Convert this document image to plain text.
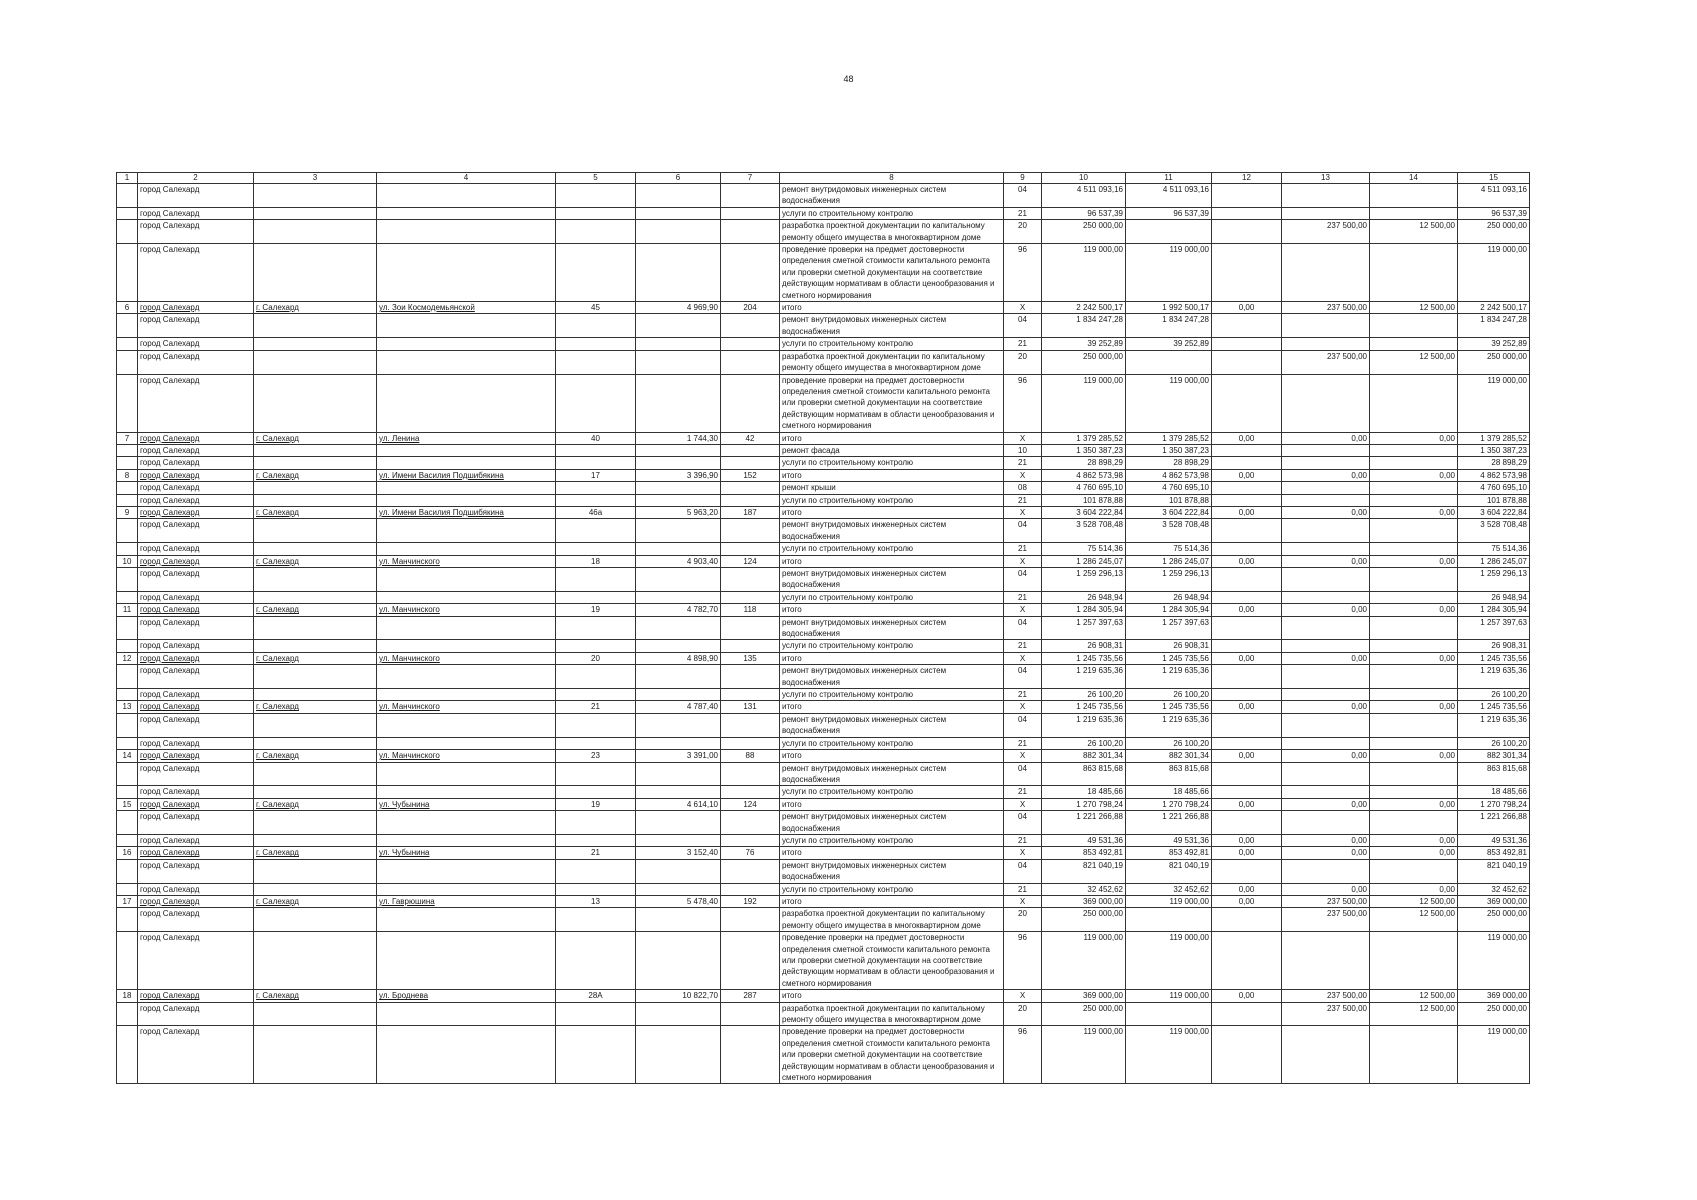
48
1	2	3	4	5	6	7	8	9	10	11	12	13	14	15
	город Салехард						ремонт внутридомовых инженерных систем водоснабжения	04	4 511 093,16	4 511 093,16				4 511 093,16
	город Салехард						услуги по строительному контролю	21	96 537,39	96 537,39				96 537,39
	город Салехард						разработка проектной документации по капитальному ремонту общего имущества в многоквартирном доме	20	250 000,00			237 500,00	12 500,00	250 000,00
	город Салехард						проведение проверки на предмет достоверности определения сметной стоимости капитального ремонта или проверки сметной документации на соответствие действующим нормативам в области ценообразования и сметного нормирования	96	119 000,00	119 000,00				119 000,00
6	город Салехард	г. Салехард	ул. Зои Космодемьянской	45	4 969,90	204	итого	X	2 242 500,17	1 992 500,17	0,00	237 500,00	12 500,00	2 242 500,17
	город Салехард						ремонт внутридомовых инженерных систем водоснабжения	04	1 834 247,28	1 834 247,28				1 834 247,28
	город Салехард						услуги по строительному контролю	21	39 252,89	39 252,89				39 252,89
	город Салехард						разработка проектной документации по капитальному ремонту общего имущества в многоквартирном доме	20	250 000,00			237 500,00	12 500,00	250 000,00
	город Салехард						проведение проверки на предмет достоверности определения сметной стоимости капитального ремонта или проверки сметной документации на соответствие действующим нормативам в области ценообразования и сметного нормирования	96	119 000,00	119 000,00				119 000,00
7	город Салехард	г. Салехард	ул. Ленина	40	1 744,30	42	итого	X	1 379 285,52	1 379 285,52	0,00	0,00	0,00	1 379 285,52
	город Салехард						ремонт фасада	10	1 350 387,23	1 350 387,23				1 350 387,23
	город Салехард						услуги по строительному контролю	21	28 898,29	28 898,29				28 898,29
8	город Салехард	г. Салехард	ул. Имени Василия Подшибякина	17	3 396,90	152	итого	X	4 862 573,98	4 862 573,98	0,00	0,00	0,00	4 862 573,98
	город Салехард						ремонт крыши	08	4 760 695,10	4 760 695,10				4 760 695,10
	город Салехард						услуги по строительному контролю	21	101 878,88	101 878,88				101 878,88
9	город Салехард	г. Салехард	ул. Имени Василия Подшибякина	46а	5 963,20	187	итого	X	3 604 222,84	3 604 222,84	0,00	0,00	0,00	3 604 222,84
	город Салехард						ремонт внутридомовых инженерных систем водоснабжения	04	3 528 708,48	3 528 708,48				3 528 708,48
	город Салехард						услуги по строительному контролю	21	75 514,36	75 514,36				75 514,36
10	город Салехард	г. Салехард	ул. Манчинского	18	4 903,40	124	итого	X	1 286 245,07	1 286 245,07	0,00	0,00	0,00	1 286 245,07
	город Салехард						ремонт внутридомовых инженерных систем водоснабжения	04	1 259 296,13	1 259 296,13				1 259 296,13
	город Салехард						услуги по строительному контролю	21	26 948,94	26 948,94				26 948,94
11	город Салехард	г. Салехард	ул. Манчинского	19	4 782,70	118	итого	X	1 284 305,94	1 284 305,94	0,00	0,00	0,00	1 284 305,94
	город Салехард						ремонт внутридомовых инженерных систем водоснабжения	04	1 257 397,63	1 257 397,63				1 257 397,63
	город Салехард						услуги по строительному контролю	21	26 908,31	26 908,31				26 908,31
12	город Салехард	г. Салехард	ул. Манчинского	20	4 898,90	135	итого	X	1 245 735,56	1 245 735,56	0,00	0,00	0,00	1 245 735,56
	город Салехард						ремонт внутридомовых инженерных систем водоснабжения	04	1 219 635,36	1 219 635,36				1 219 635,36
	город Салехард						услуги по строительному контролю	21	26 100,20	26 100,20				26 100,20
13	город Салехард	г. Салехард	ул. Манчинского	21	4 787,40	131	итого	X	1 245 735,56	1 245 735,56	0,00	0,00	0,00	1 245 735,56
	город Салехард						ремонт внутридомовых инженерных систем водоснабжения	04	1 219 635,36	1 219 635,36				1 219 635,36
	город Салехард						услуги по строительному контролю	21	26 100,20	26 100,20				26 100,20
14	город Салехард	г. Салехард	ул. Манчинского	23	3 391,00	88	итого	X	882 301,34	882 301,34	0,00	0,00	0,00	882 301,34
	город Салехард						ремонт внутридомовых инженерных систем водоснабжения	04	863 815,68	863 815,68				863 815,68
	город Салехард						услуги по строительному контролю	21	18 485,66	18 485,66				18 485,66
15	город Салехард	г. Салехард	ул. Чубынина	19	4 614,10	124	итого	X	1 270 798,24	1 270 798,24	0,00	0,00	0,00	1 270 798,24
	город Салехард						ремонт внутридомовых инженерных систем водоснабжения	04	1 221 266,88	1 221 266,88				1 221 266,88
	город Салехард						услуги по строительному контролю	21	49 531,36	49 531,36	0,00	0,00	0,00	49 531,36
16	город Салехард	г. Салехард	ул. Чубынина	21	3 152,40	76	итого	X	853 492,81	853 492,81	0,00	0,00	0,00	853 492,81
	город Салехард						ремонт внутридомовых инженерных систем водоснабжения	04	821 040,19	821 040,19				821 040,19
	город Салехард						услуги по строительному контролю	21	32 452,62	32 452,62	0,00	0,00	0,00	32 452,62
17	город Салехард	г. Салехард	ул. Гаврюшина	13	5 478,40	192	итого	X	369 000,00	119 000,00	0,00	237 500,00	12 500,00	369 000,00
	город Салехард						разработка проектной документации по капитальному ремонту общего имущества в многоквартирном доме	20	250 000,00			237 500,00	12 500,00	250 000,00
	город Салехард						проведение проверки на предмет достоверности определения сметной стоимости капитального ремонта или проверки сметной документации на соответствие действующим нормативам в области ценообразования и сметного нормирования	96	119 000,00	119 000,00				119 000,00
18	город Салехард	г. Салехард	ул. Броднева	28А	10 822,70	287	итого	X	369 000,00	119 000,00	0,00	237 500,00	12 500,00	369 000,00
	город Салехард						разработка проектной документации по капитальному ремонту общего имущества в многоквартирном доме	20	250 000,00			237 500,00	12 500,00	250 000,00
	город Салехард						проведение проверки на предмет достоверности определения сметной стоимости капитального ремонта или проверки сметной документации на соответствие действующим нормативам в области ценообразования и сметного нормирования	96	119 000,00	119 000,00				119 000,00
